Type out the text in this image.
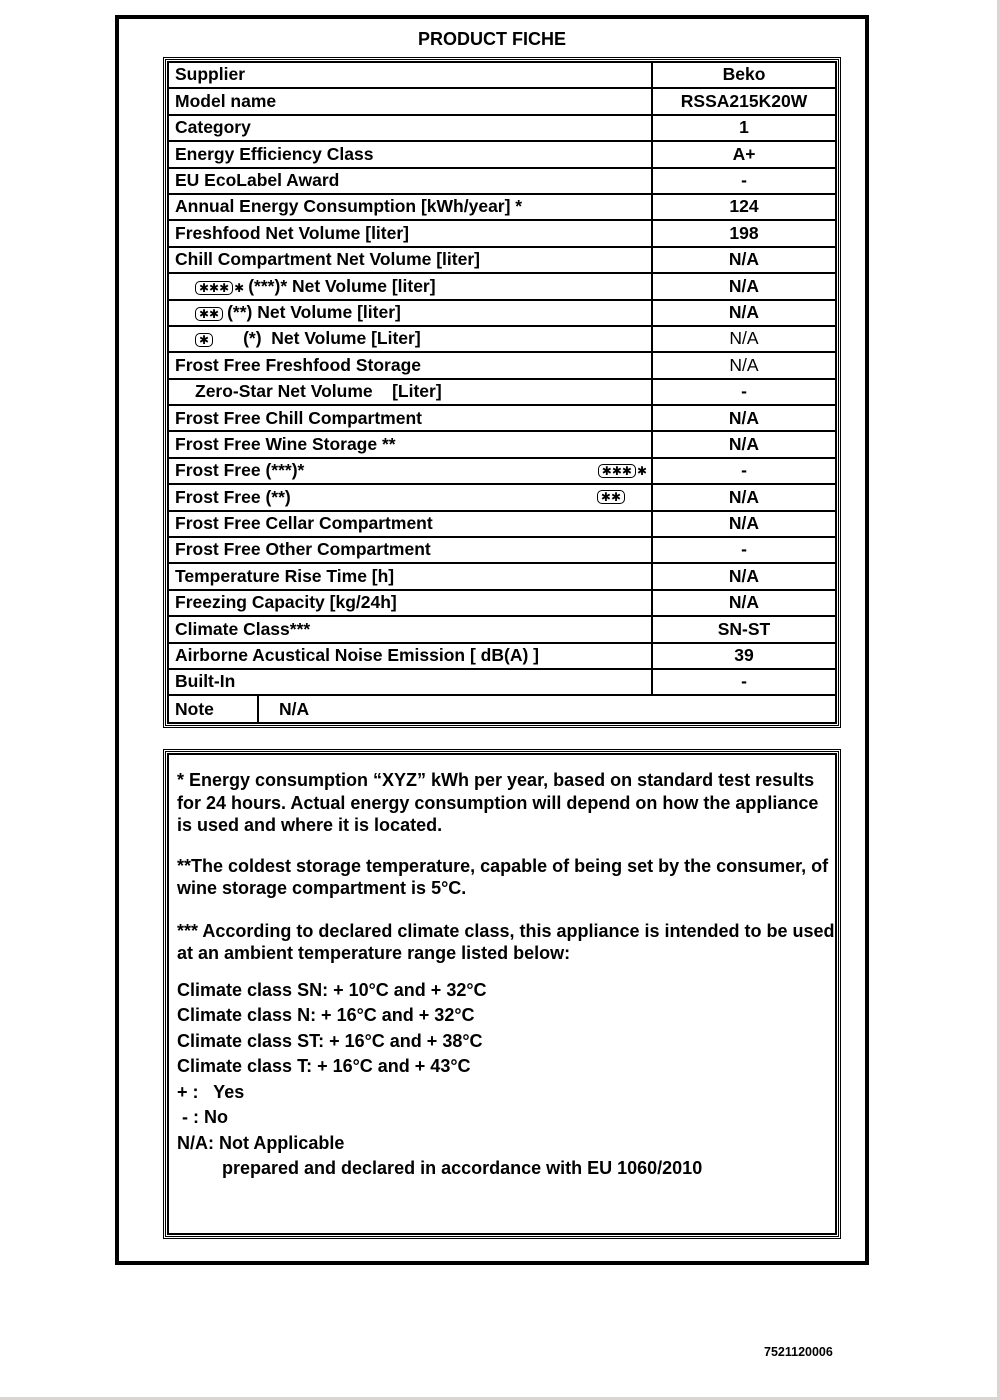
PRODUCT FICHE
Supplier	Beko
Model name	RSSA215K20W
Category	1
Energy Efficiency Class	A+
EU EcoLabel Award	-
Annual Energy Consumption [kWh/year] *	124
Freshfood Net Volume [liter]	198
Chill Compartment Net Volume [liter]	N/A

✱✱✱ ✱ (***)* Net Volume [liter]	N/A

✱✱ (**) Net Volume [liter]	N/A

✱ (*)  Net Volume [Liter]	N/A
Frost Free Freshfood Storage	N/A
Zero-Star Net Volume    [Liter]	-
Frost Free Chill Compartment	N/A
Frost Free Wine Storage **	N/A

Frost Free (***)* ✱✱✱ ✱	-

Frost Free (**) ✱✱	N/A
Frost Free Cellar Compartment	N/A
Frost Free Other Compartment	-
Temperature Rise Time [h]	N/A
Freezing Capacity [kg/24h]	N/A
Climate Class***	SN-ST
Airborne Acustical Noise Emission [ dB(A) ]	39
Built-In	-

Note N/A	

* Energy consumption “XYZ” kWh per year, based on standard test results for 24 hours. Actual energy consumption will depend on how the appliance is used and where it is located.

**The coldest storage temperature, capable of being set by the consumer, of wine storage compartment is 5°C.

*** According to declared climate class, this appliance is intended to be used at an ambient temperature range listed below:

Climate class SN: + 10°C and + 32°C

Climate class N: + 16°C and + 32°C

Climate class ST: + 16°C and + 38°C

Climate class T: + 16°C and + 43°C

+ :   Yes

- : No

N/A: Not Applicable

prepared and declared in accordance with EU 1060/2010

7521120006
